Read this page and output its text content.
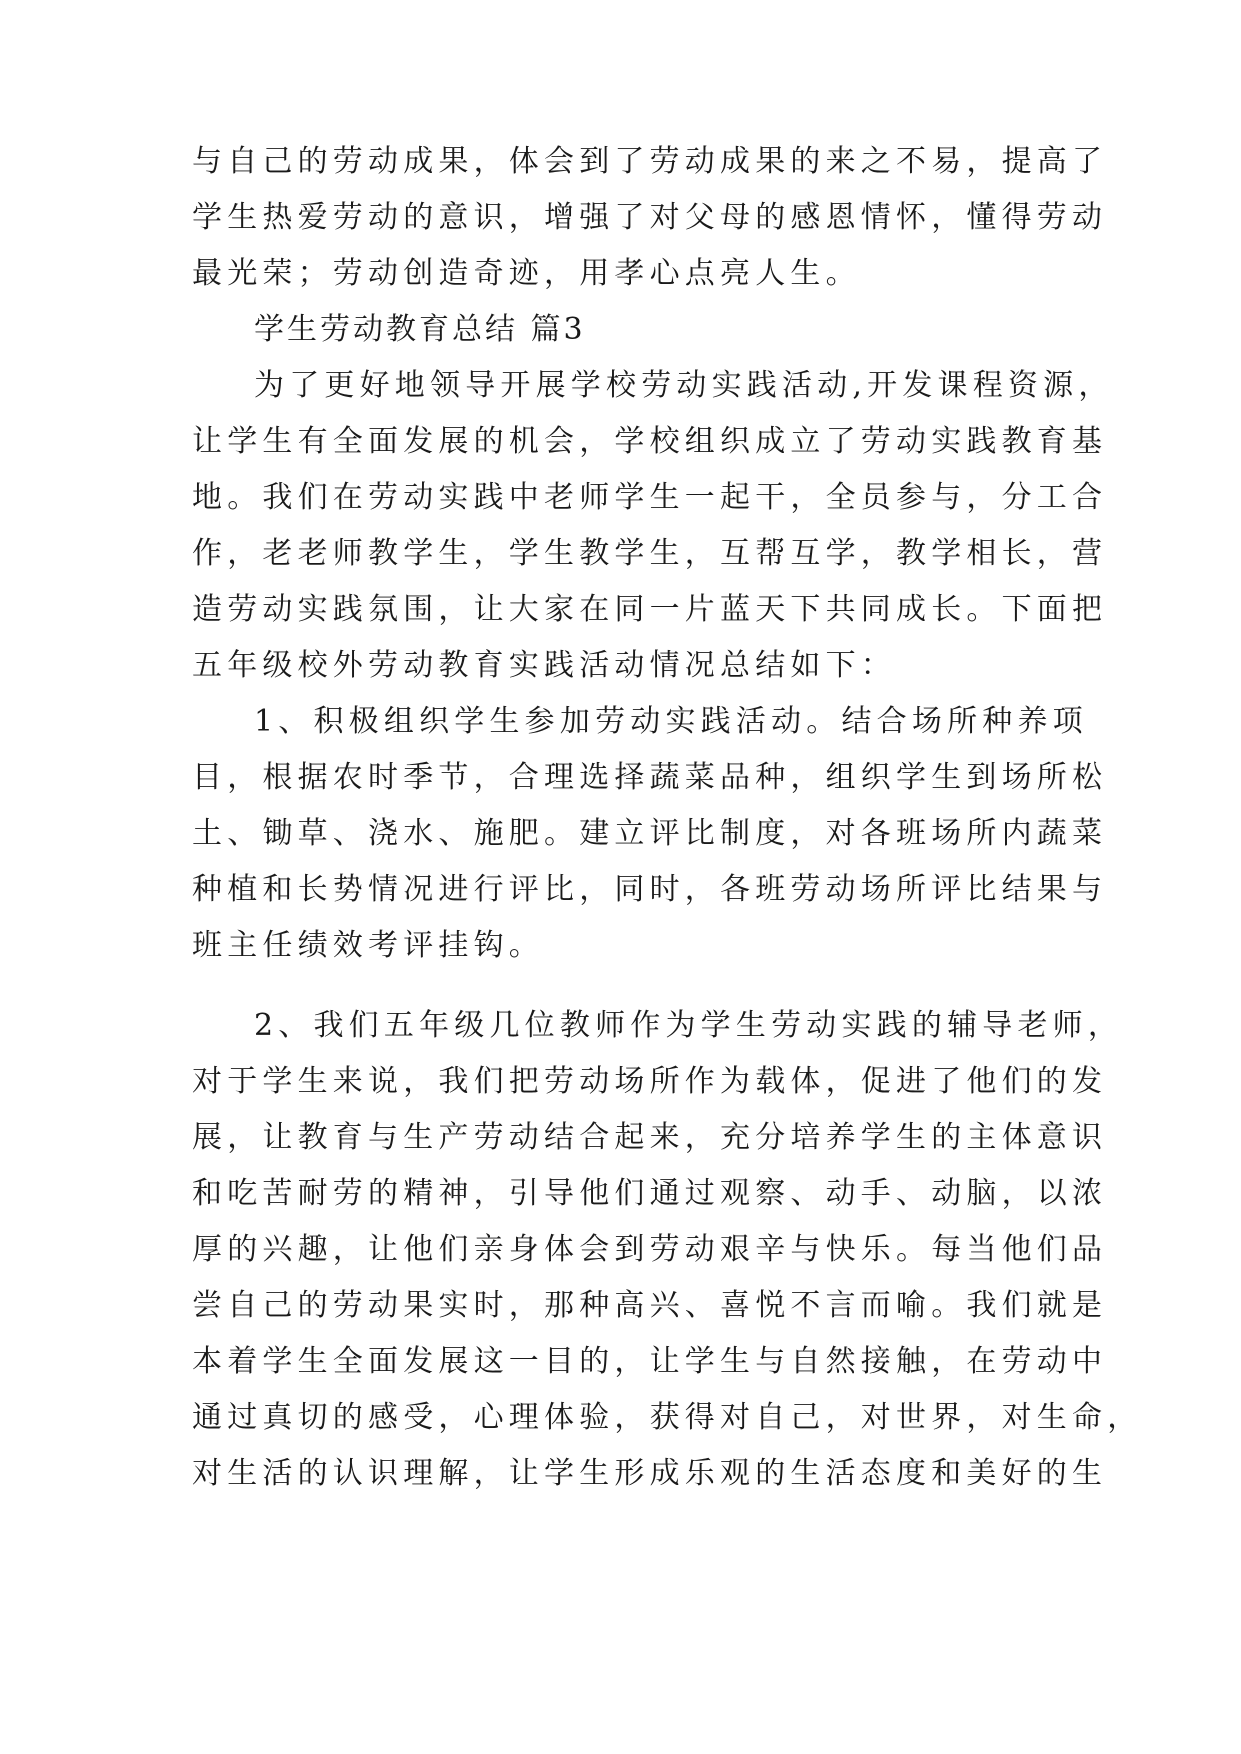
与自己的劳动成果，体会到了劳动成果的来之不易，提高了
学生热爱劳动的意识，增强了对父母的感恩情怀，懂得劳动
最光荣；劳动创造奇迹，用孝心点亮人生。
学生劳动教育总结 篇3
为了更好地领导开展学校劳动实践活动,开发课程资源，
让学生有全面发展的机会，学校组织成立了劳动实践教育基
地。我们在劳动实践中老师学生一起干，全员参与，分工合
作，老老师教学生，学生教学生，互帮互学，教学相长，营
造劳动实践氛围，让大家在同一片蓝天下共同成长。下面把
五年级校外劳动教育实践活动情况总结如下：
1、积极组织学生参加劳动实践活动。结合场所种养项
目，根据农时季节，合理选择蔬菜品种，组织学生到场所松
土、锄草、浇水、施肥。建立评比制度，对各班场所内蔬菜
种植和长势情况进行评比，同时，各班劳动场所评比结果与
班主任绩效考评挂钩。
2、我们五年级几位教师作为学生劳动实践的辅导老师，
对于学生来说，我们把劳动场所作为载体，促进了他们的发
展，让教育与生产劳动结合起来，充分培养学生的主体意识
和吃苦耐劳的精神，引导他们通过观察、动手、动脑，以浓
厚的兴趣，让他们亲身体会到劳动艰辛与快乐。每当他们品
尝自己的劳动果实时，那种高兴、喜悦不言而喻。我们就是
本着学生全面发展这一目的，让学生与自然接触，在劳动中
通过真切的感受，心理体验，获得对自己，对世界，对生命，
对生活的认识理解，让学生形成乐观的生活态度和美好的生
